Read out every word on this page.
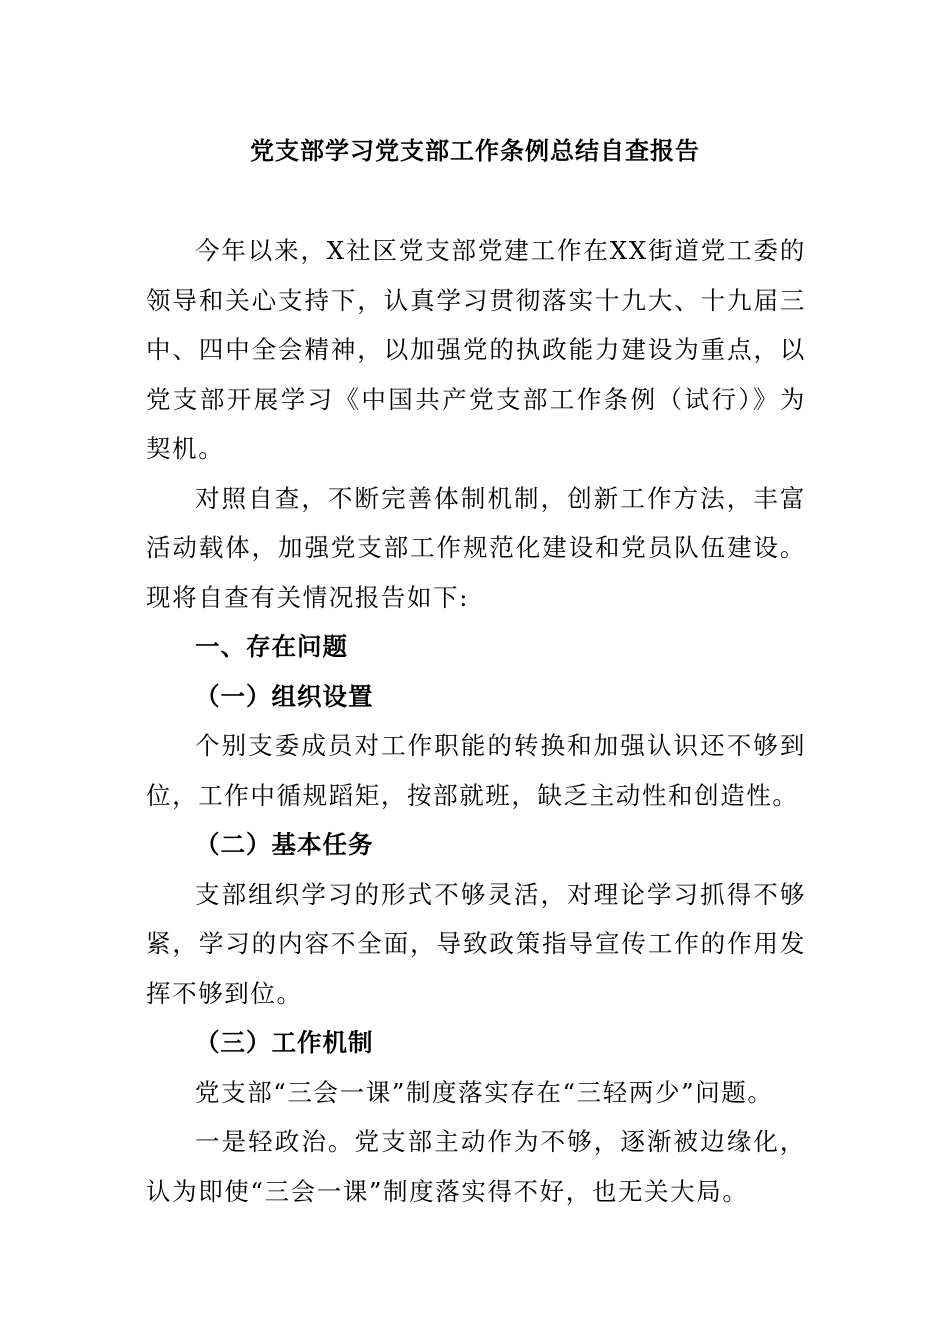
党支部学习党支部工作条例总结自查报告

今年以来，X社区党支部党建工作在XX街道党工委的领导和关心支持下，认真学习贯彻落实十九大、十九届三中、四中全会精神，以加强党的执政能力建设为重点，以党支部开展学习《中国共产党支部工作条例（试行）》为契机。

对照自查，不断完善体制机制，创新工作方法，丰富活动载体，加强党支部工作规范化建设和党员队伍建设。现将自查有关情况报告如下:

一、存在问题

（一）组织设置

个别支委成员对工作职能的转换和加强认识还不够到位，工作中循规蹈矩，按部就班，缺乏主动性和创造性。

（二）基本任务

支部组织学习的形式不够灵活，对理论学习抓得不够紧，学习的内容不全面，导致政策指导宣传工作的作用发挥不够到位。

（三）工作机制

党支部“三会一课”制度落实存在“三轻两少”问题。

一是轻政治。党支部主动作为不够，逐渐被边缘化，认为即使“三会一课”制度落实得不好，也无关大局。
